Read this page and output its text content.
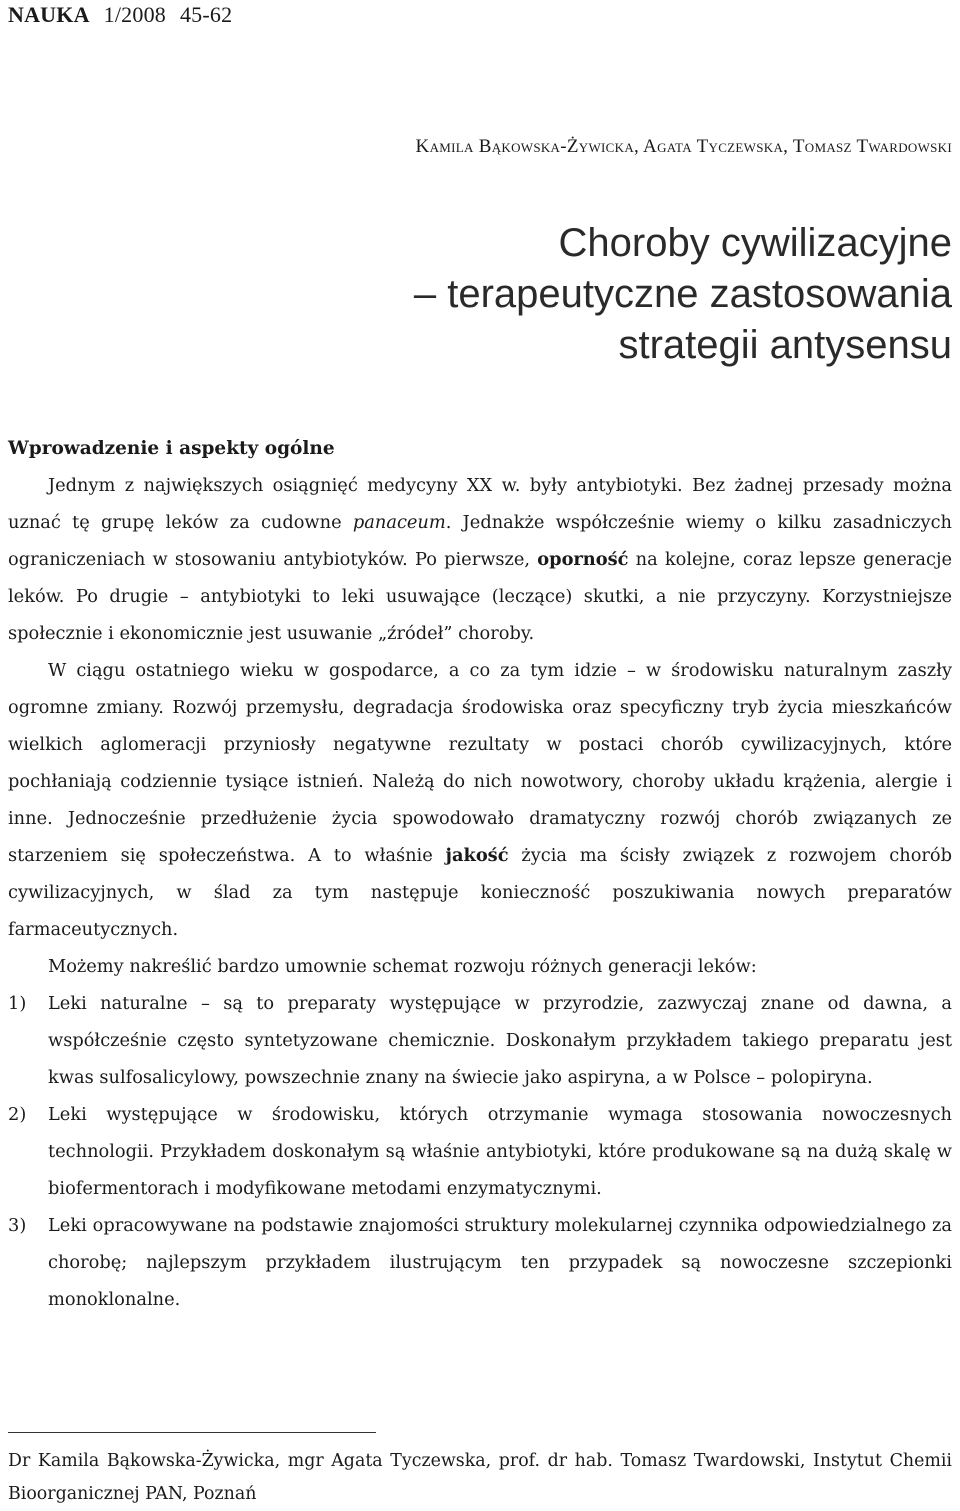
NAUKA 1/2008 45-62
Kamila Bąkowska-Żywicka, Agata Tyczewska, Tomasz Twardowski
Choroby cywilizacyjne
– terapeutyczne zastosowania
strategii antysensu
Wprowadzenie i aspekty ogólne

Jednym z największych osiągnięć medycyny XX w. były antybiotyki. Bez żadnej przesady można uznać tę grupę leków za cudowne panaceum. Jednakże współcześnie wiemy o kilku zasadniczych ograniczeniach w stosowaniu antybiotyków. Po pierwsze, oporność na kolejne, coraz lepsze generacje leków. Po drugie – antybiotyki to leki usuwające (leczące) skutki, a nie przyczyny. Korzystniejsze społecznie i ekonomicznie jest usuwanie „źródeł” choroby.

W ciągu ostatniego wieku w gospodarce, a co za tym idzie – w środowisku naturalnym zaszły ogromne zmiany. Rozwój przemysłu, degradacja środowiska oraz specyficzny tryb życia mieszkańców wielkich aglomeracji przyniosły negatywne rezultaty w postaci chorób cywilizacyjnych, które pochłaniają codziennie tysiące istnień. Należą do nich nowotwory, choroby układu krążenia, alergie i inne. Jednocześnie przedłużenie życia spowodowało dramatyczny rozwój chorób związanych ze starzeniem się społeczeństwa. A to właśnie jakość życia ma ścisły związek z rozwojem chorób cywilizacyjnych, w ślad za tym następuje konieczność poszukiwania nowych preparatów farmaceutycznych.

Możemy nakreślić bardzo umownie schemat rozwoju różnych generacji leków:

1) Leki naturalne – są to preparaty występujące w przyrodzie, zazwyczaj znane od dawna, a współcześnie często syntetyzowane chemicznie. Doskonałym przykładem takiego preparatu jest kwas sulfosalicylowy, powszechnie znany na świecie jako aspiryna, a w Polsce – polopiryna.
2) Leki występujące w środowisku, których otrzymanie wymaga stosowania nowoczesnych technologii. Przykładem doskonałym są właśnie antybiotyki, które produkowane są na dużą skalę w biofermentorach i modyfikowane metodami enzymatycznymi.
3) Leki opracowywane na podstawie znajomości struktury molekularnej czynnika odpowiedzialnego za chorobę; najlepszym przykładem ilustrującym ten przypadek są nowoczesne szczepionki monoklonalne.

Dr Kamila Bąkowska-Żywicka, mgr Agata Tyczewska, prof. dr hab. Tomasz Twardowski, Instytut Chemii Bioorganicznej PAN, Poznań
